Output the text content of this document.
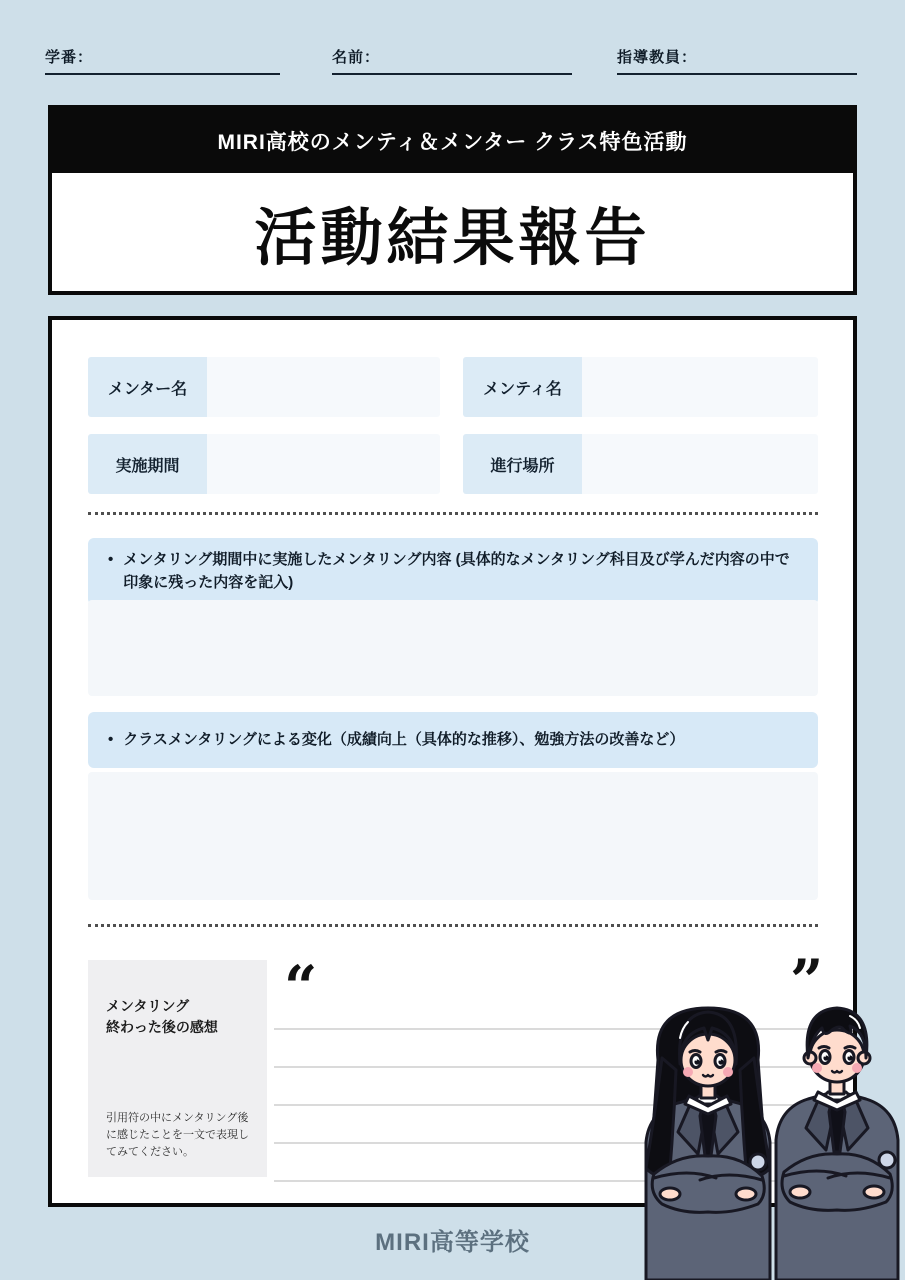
学番：	名前：	指導教員：
MIRI高校のメンティ＆メンター クラス特色活動
活動結果報告
メンター名	メンティ名
実施期間	進行場所
• メンタリング期間中に実施したメンタリング内容 (具体的なメンタリング科目及び学んだ内容の中で印象に残った内容を記入)
• クラスメンタリングによる変化（成績向上（具体的な推移）、勉強方法の改善など）
メンタリング
終わった後の感想
引用符の中にメンタリング後に感じたことを一文で表現してみてください。
“	”
MIRI高等学校
